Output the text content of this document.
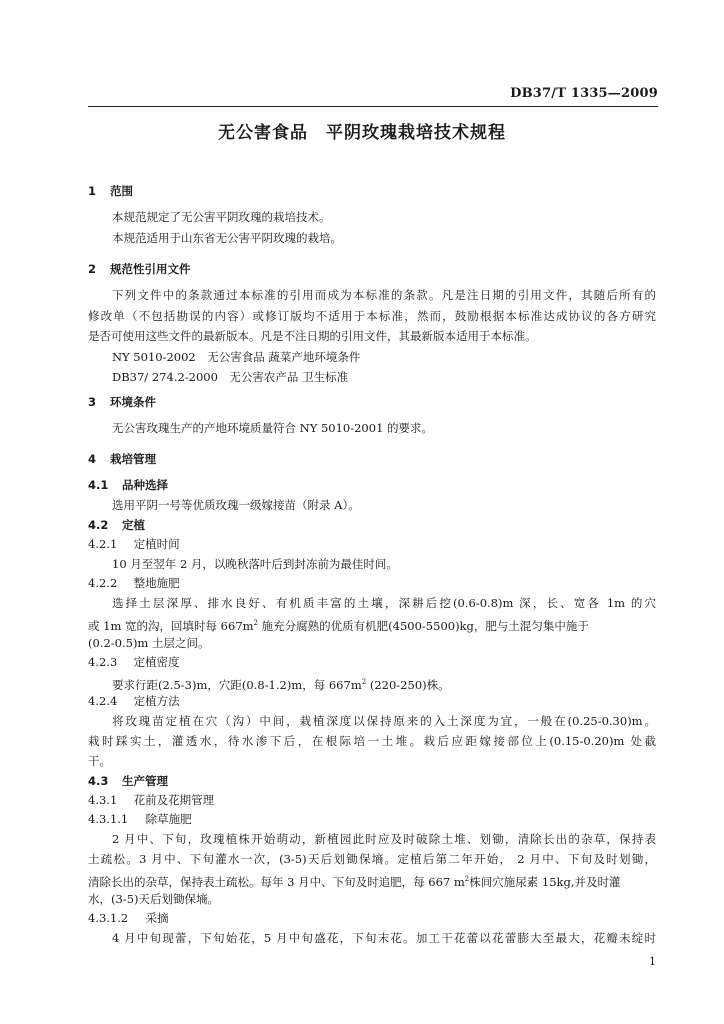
DB37/T 1335—2009
无公害食品　平阴玫瑰栽培技术规程
1 范围
本规范规定了无公害平阴玫瑰的栽培技术。
本规范适用于山东省无公害平阴玫瑰的栽培。
2 规范性引用文件
下列文件中的条款通过本标准的引用而成为本标准的条款。凡是注日期的引用文件，其随后所有的
修改单（不包括勘误的内容）或修订版均不适用于本标准，然而，鼓励根据本标准达成协议的各方研究
是否可使用这些文件的最新版本。凡是不注日期的引用文件，其最新版本适用于本标准。
NY 5010-2002　无公害食品 蔬菜产地环境条件
DB37/ 274.2-2000　无公害农产品 卫生标准
3 环境条件
无公害玫瑰生产的产地环境质量符合 NY 5010-2001 的要求。
4 栽培管理
4.1 品种选择
选用平阴一号等优质玫瑰一级嫁接苗（附录 A）。
4.2 定植
4.2.1 定植时间
10 月至翌年 2 月，以晚秋落叶后到封冻前为最佳时间。
4.2.2 整地施肥
选择土层深厚、排水良好、有机质丰富的土壤，深耕后挖(0.6-0.8)m 深，长、宽各 1m 的穴
或 1m 宽的沟，回填时每 $667m^2$ 施充分腐熟的优质有机肥(4500-5500)kg，肥与土混匀集中施于
(0.2-0.5)m 土层之间。
4.2.3 定植密度
要求行距(2.5-3)m，穴距(0.8-1.2)m，每 $667m^2$ (220-250)株。
4.2.4 定植方法
将玫瑰苗定植在穴（沟）中间，栽植深度以保持原来的入土深度为宜，一般在(0.25-0.30)m。
栽时踩实土，灌透水，待水渗下后，在根际培一土堆。栽后应距嫁接部位上(0.15-0.20)m 处截
干。
4.3 生产管理
4.3.1 花前及花期管理
4.3.1.1 除草施肥
2 月中、下旬，玫瑰植株开始萌动，新植园此时应及时破除土堆、划锄，清除长出的杂草，保持表
土疏松。3 月中、下旬灌水一次，(3-5)天后划锄保墒。定植后第二年开始， 2 月中、下旬及时划锄，
清除长出的杂草，保持表土疏松。每年 3 月中、下旬及时追肥，每 667 $m^2$株间穴施尿素 15kg,并及时灌
水，(3-5)天后划锄保墒。
4.3.1.2 采摘
4 月中旬现蕾，下旬始花，5 月中旬盛花，下旬末花。加工干花蕾以花蕾膨大至最大，花瓣未绽时
1
